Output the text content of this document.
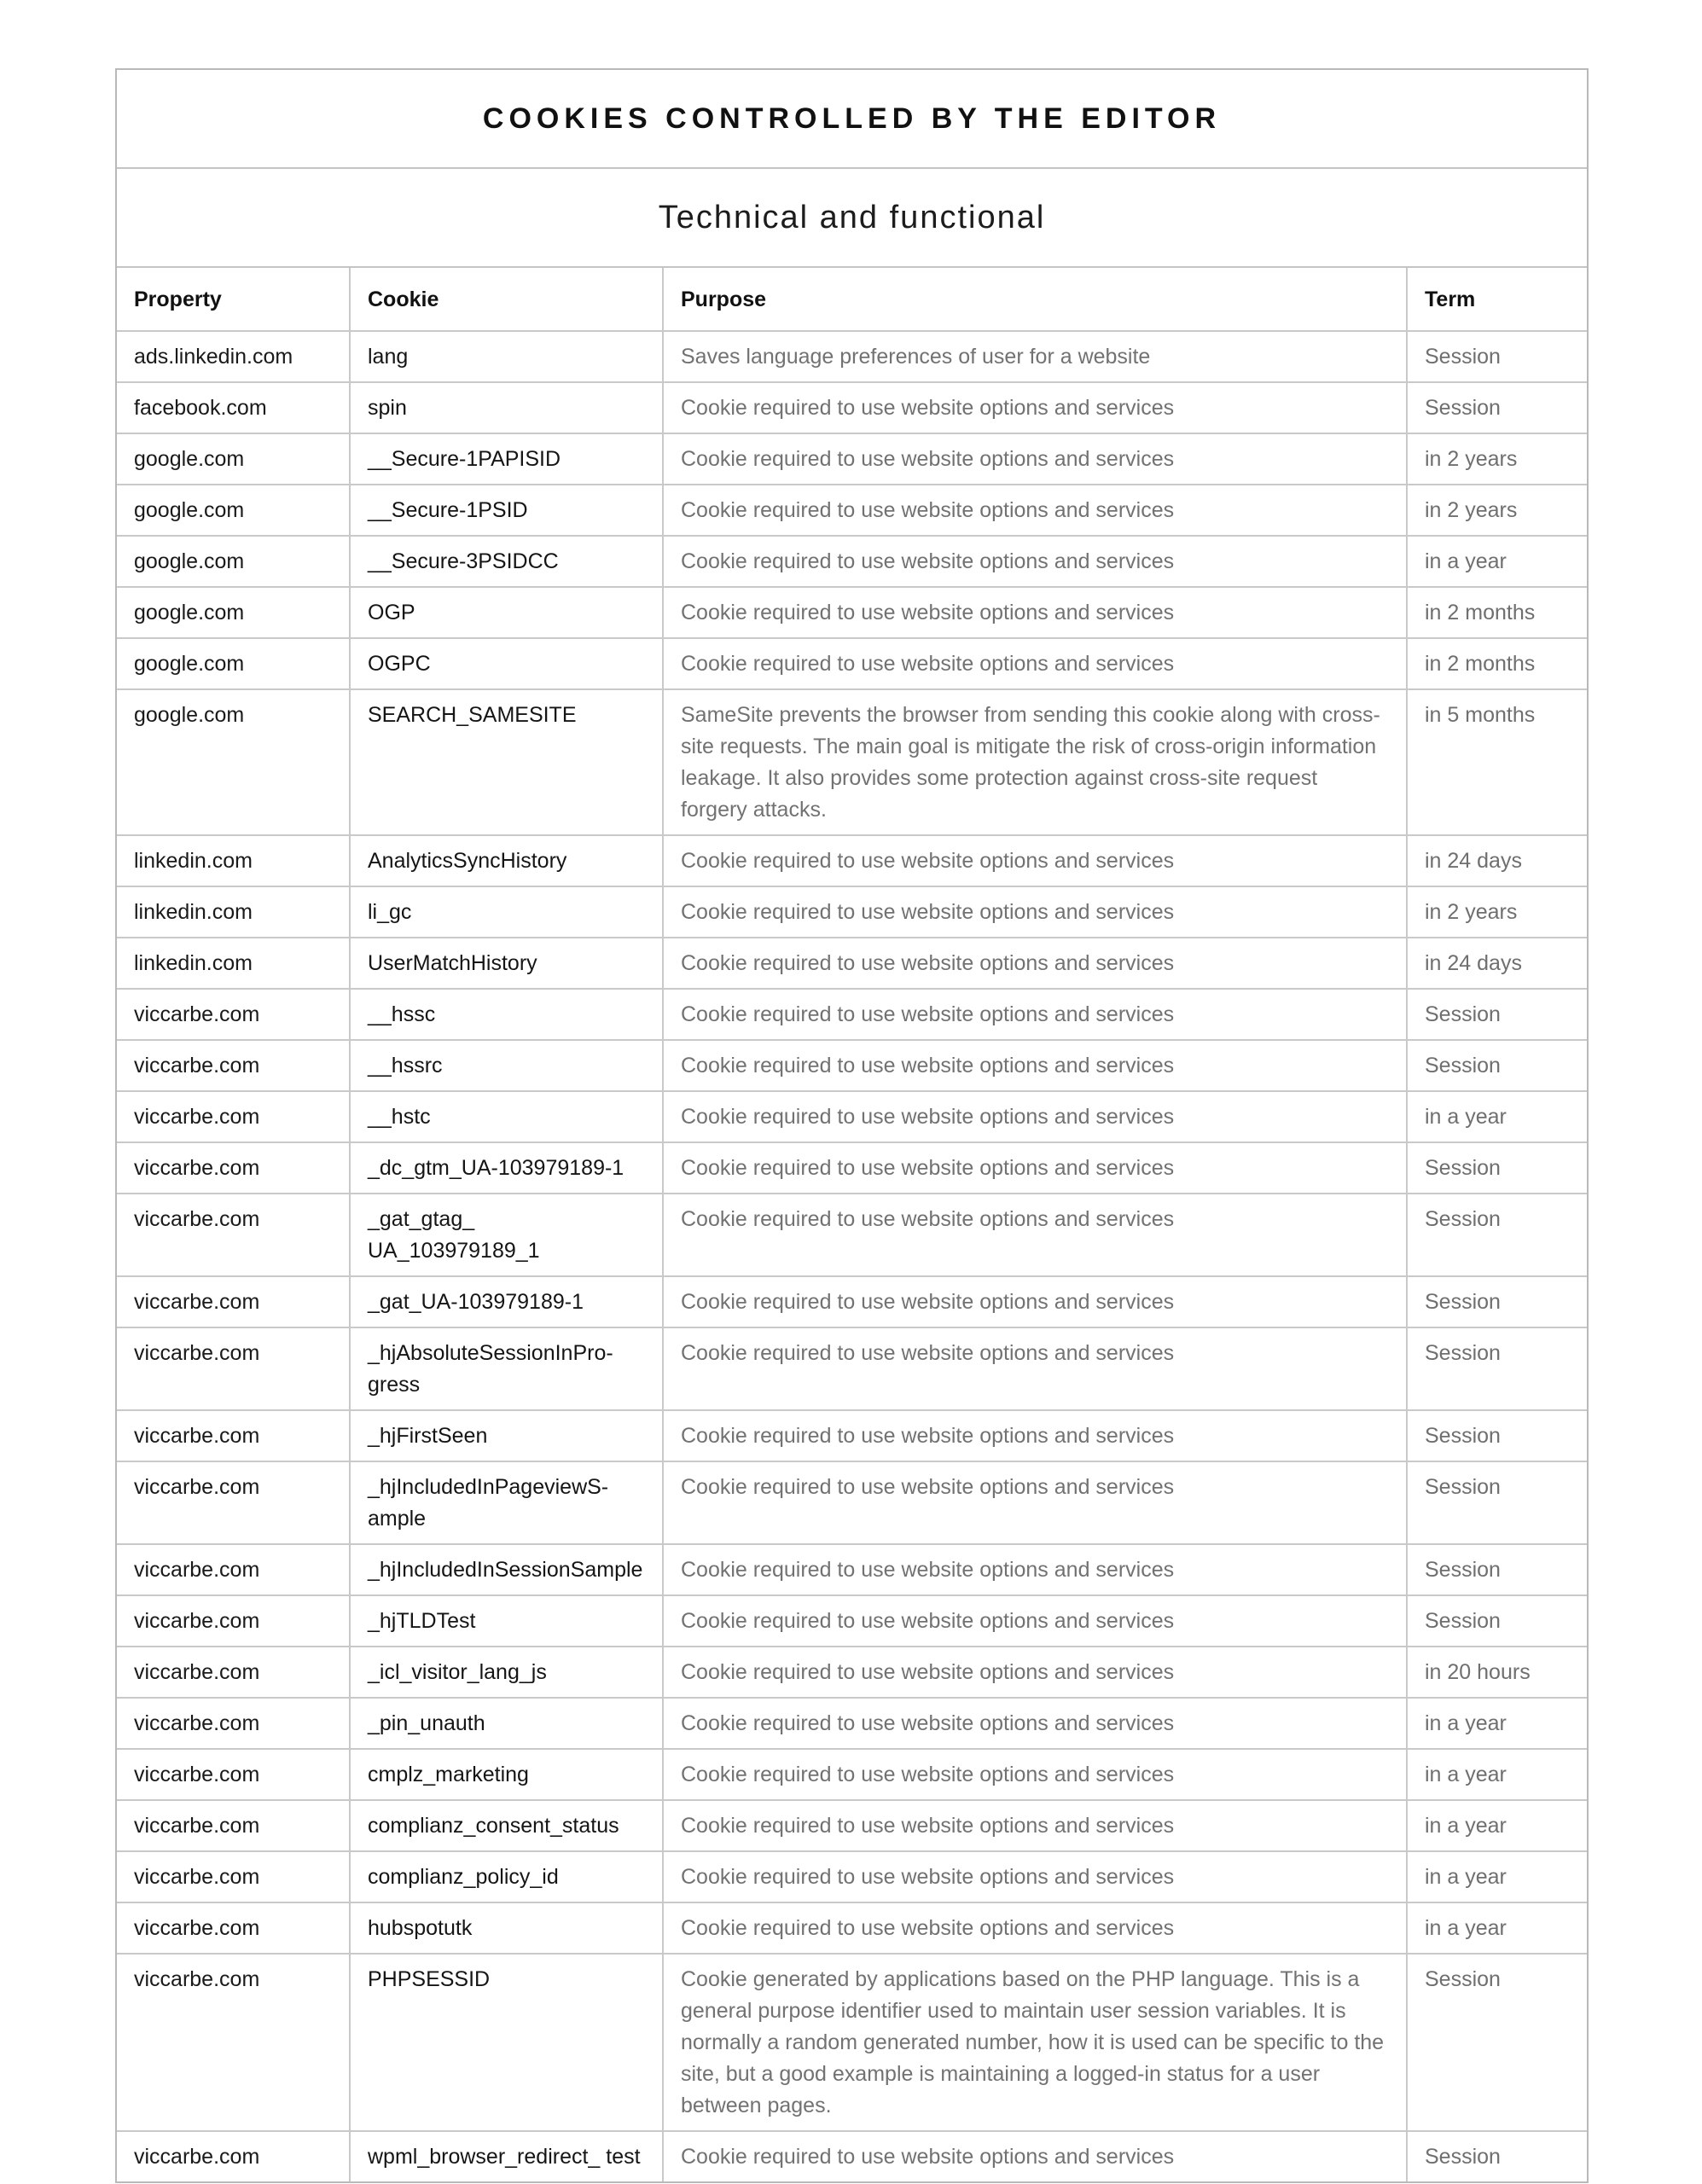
COOKIES CONTROLLED BY THE EDITOR
Technical and functional
Property	Cookie	Purpose	Term
ads.linkedin.com	lang	Saves language preferences of user for a website	Session
facebook.com	spin	Cookie required to use website options and services	Session
google.com	__Secure-1PAPISID	Cookie required to use website options and services	in 2 years
google.com	__Secure-1PSID	Cookie required to use website options and services	in 2 years
google.com	__Secure-3PSIDCC	Cookie required to use website options and services	in a year
google.com	OGP	Cookie required to use website options and services	in 2 months
google.com	OGPC	Cookie required to use website options and services	in 2 months
google.com	SEARCH_SAMESITE	SameSite prevents the browser from sending this cookie along with cross-site requests. The main goal is mitigate the risk of cross-origin information leakage. It also provides some protection against cross-site request forgery attacks.	in 5 months
linkedin.com	AnalyticsSyncHistory	Cookie required to use website options and services	in 24 days
linkedin.com	li_gc	Cookie required to use website options and services	in 2 years
linkedin.com	UserMatchHistory	Cookie required to use website options and services	in 24 days
viccarbe.com	__hssc	Cookie required to use website options and services	Session
viccarbe.com	__hssrc	Cookie required to use website options and services	Session
viccarbe.com	__hstc	Cookie required to use website options and services	in a year
viccarbe.com	_dc_gtm_UA-103979189-1	Cookie required to use website options and services	Session
viccarbe.com	_gat_gtag_ UA_103979189_1	Cookie required to use website options and services	Session
viccarbe.com	_gat_UA-103979189-1	Cookie required to use website options and services	Session
viccarbe.com	_hjAbsoluteSessionInPro-gress	Cookie required to use website options and services	Session
viccarbe.com	_hjFirstSeen	Cookie required to use website options and services	Session
viccarbe.com	_hjIncludedInPageviewS-ample	Cookie required to use website options and services	Session
viccarbe.com	_hjIncludedInSessionSample	Cookie required to use website options and services	Session
viccarbe.com	_hjTLDTest	Cookie required to use website options and services	Session
viccarbe.com	_icl_visitor_lang_js	Cookie required to use website options and services	in 20 hours
viccarbe.com	_pin_unauth	Cookie required to use website options and services	in a year
viccarbe.com	cmplz_marketing	Cookie required to use website options and services	in a year
viccarbe.com	complianz_consent_status	Cookie required to use website options and services	in a year
viccarbe.com	complianz_policy_id	Cookie required to use website options and services	in a year
viccarbe.com	hubspotutk	Cookie required to use website options and services	in a year
viccarbe.com	PHPSESSID	Cookie generated by applications based on the PHP language. This is a general purpose identifier used to maintain user session variables. It is normally a random generated number, how it is used can be specific to the site, but a good example is maintaining a logged-in status for a user between pages.	Session
viccarbe.com	wpml_browser_redirect_ test	Cookie required to use website options and services	Session
